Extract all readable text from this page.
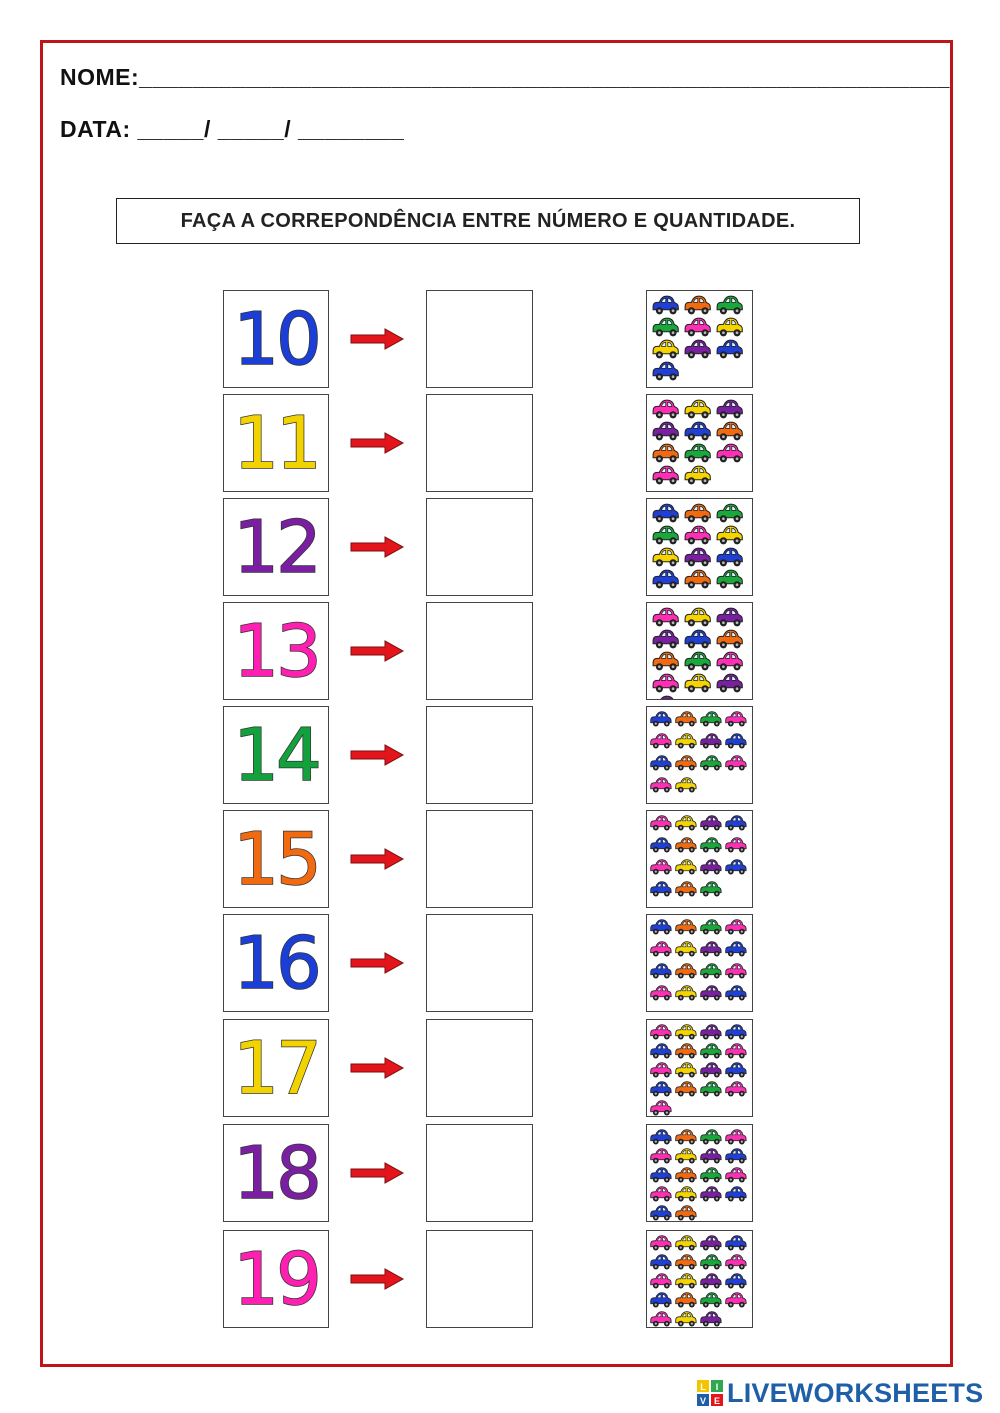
NOME:_____________________________________________________________
DATA: _____/ _____/ ________
FAÇA A CORREPONDÊNCIA ENTRE NÚMERO E QUANTIDADE.
10
11
12
13
14
15
16
17
18
19
L I
V E LIVEWORKSHEETS
